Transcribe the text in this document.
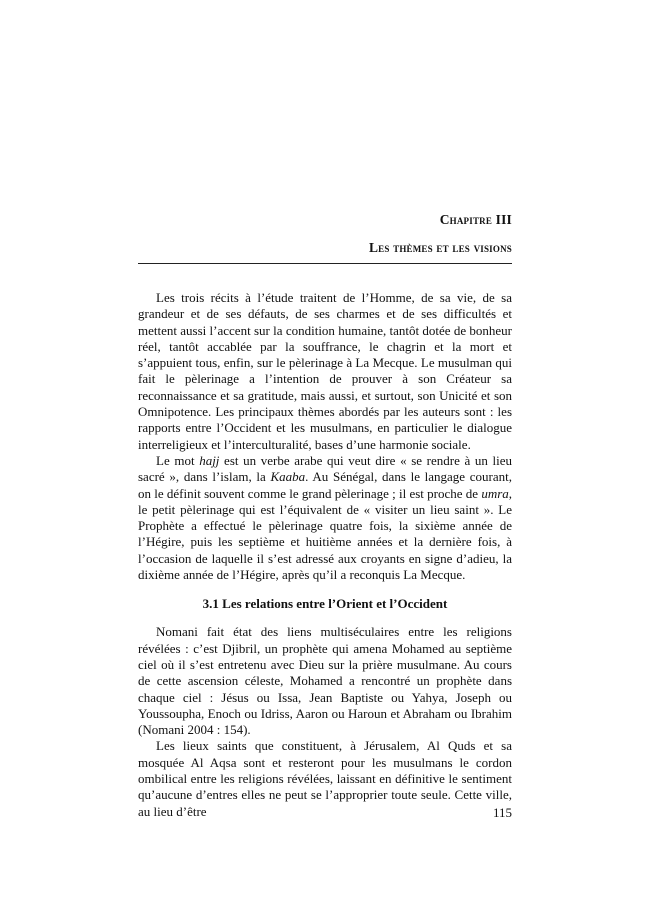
Chapitre III
Les thèmes et les visions

Les trois récits à l’étude traitent de l’Homme, de sa vie, de sa grandeur et de ses défauts, de ses charmes et de ses difficultés et mettent aussi l’accent sur la condition humaine, tantôt dotée de bonheur réel, tantôt accablée par la souffrance, le chagrin et la mort et s’appuient tous, enfin, sur le pèlerinage à La Mecque. Le musulman qui fait le pèlerinage a l’intention de prouver à son Créateur sa reconnaissance et sa gratitude, mais aussi, et surtout, son Unicité et son Omnipotence. Les principaux thèmes abordés par les auteurs sont : les rapports entre l’Occident et les musulmans, en particulier le dialogue interreligieux et l’interculturalité, bases d’une harmonie sociale.

Le mot hajj est un verbe arabe qui veut dire « se rendre à un lieu sacré », dans l’islam, la Kaaba. Au Sénégal, dans le langage courant, on le définit souvent comme le grand pèlerinage ; il est proche de umra, le petit pèlerinage qui est l’équivalent de « visiter un lieu saint ». Le Prophète a effectué le pèlerinage quatre fois, la sixième année de l’Hégire, puis les septième et huitième années et la dernière fois, à l’occasion de laquelle il s’est adressé aux croyants en signe d’adieu, la dixième année de l’Hégire, après qu’il a reconquis La Mecque.

3.1 Les relations entre l’Orient et l’Occident

Nomani fait état des liens multiséculaires entre les religions révélées : c’est Djibril, un prophète qui amena Mohamed au septième ciel où il s’est entretenu avec Dieu sur la prière musulmane. Au cours de cette ascension céleste, Mohamed a rencontré un prophète dans chaque ciel : Jésus ou Issa, Jean Baptiste ou Yahya, Joseph ou Youssoupha, Enoch ou Idriss, Aaron ou Haroun et Abraham ou Ibrahim (Nomani 2004 : 154).

Les lieux saints que constituent, à Jérusalem, Al Quds et sa mosquée Al Aqsa sont et resteront pour les musulmans le cordon ombilical entre les religions révélées, laissant en définitive le sentiment qu’aucune d’entres elles ne peut se l’approprier toute seule. Cette ville, au lieu d’être	115
